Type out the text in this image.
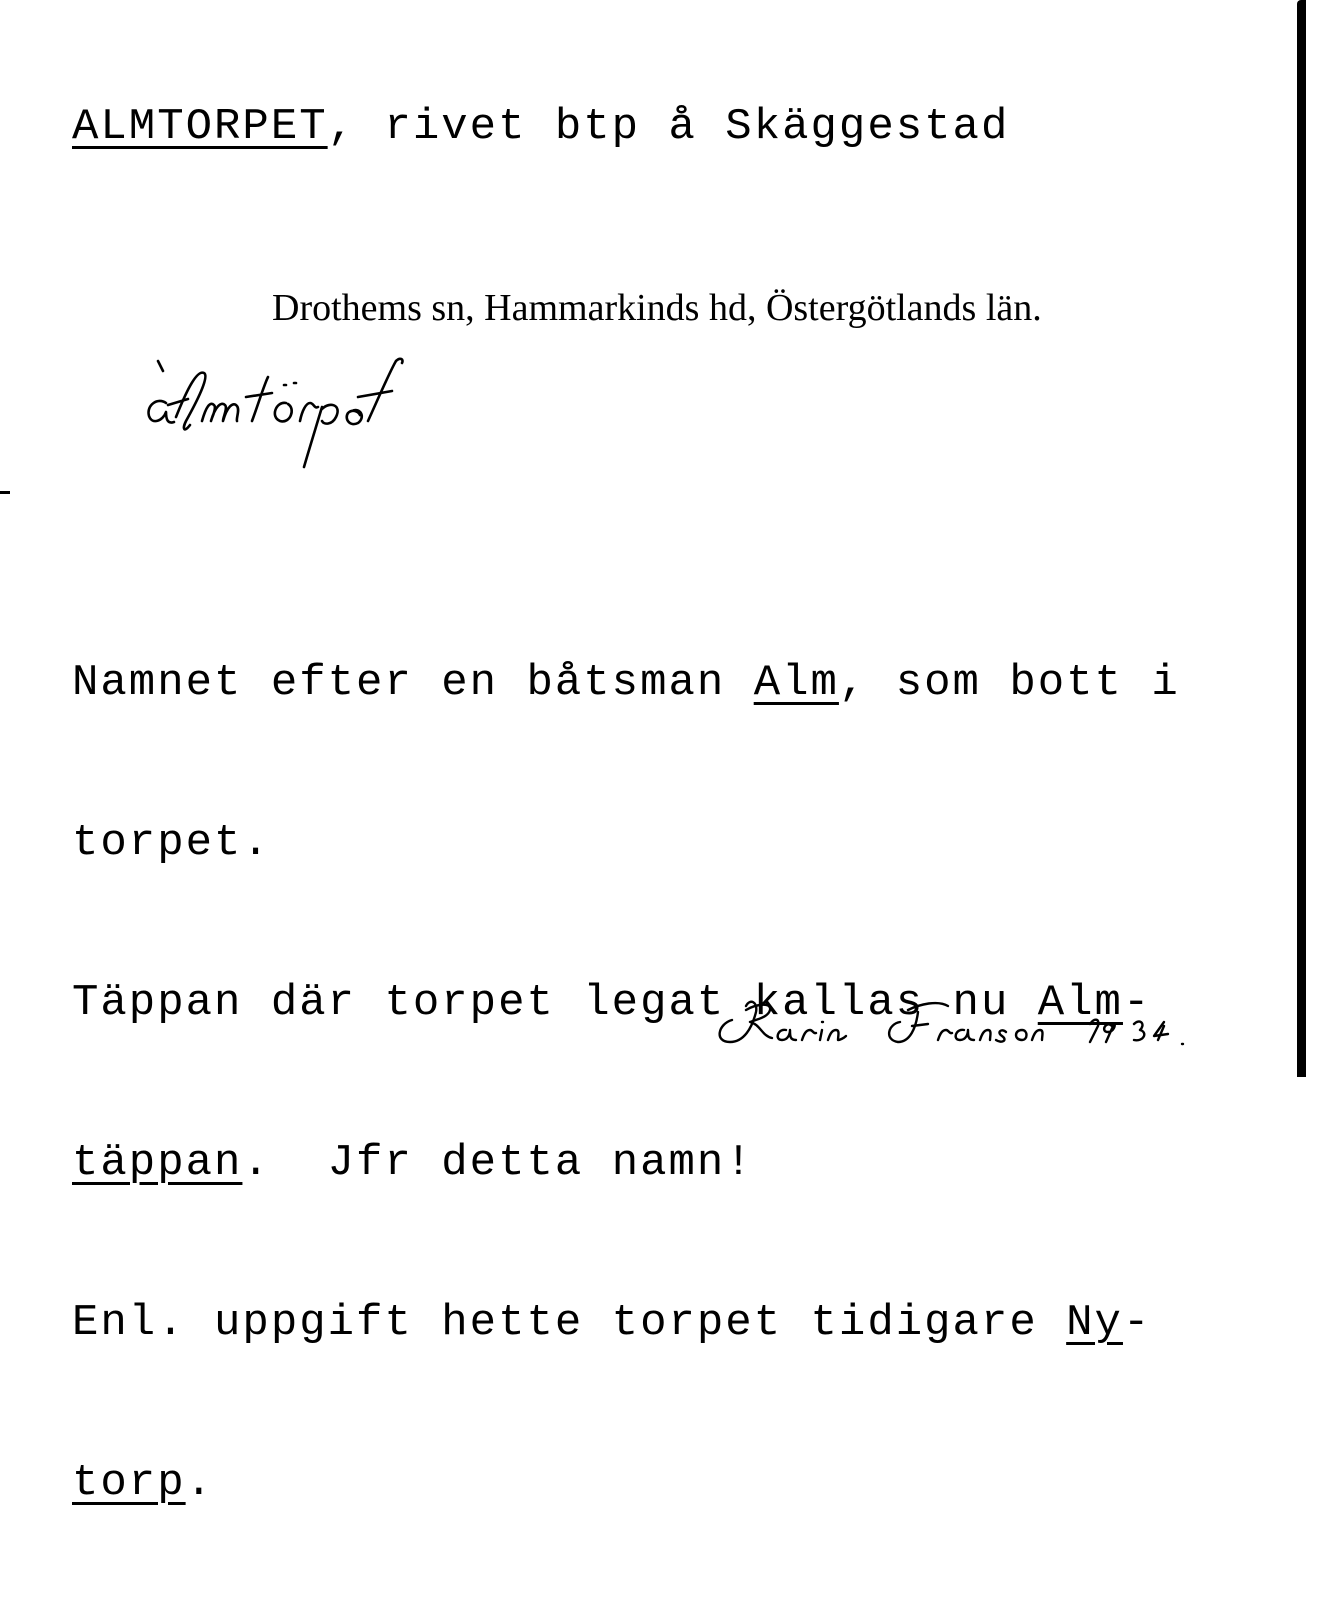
ALMTORPET, rivet btp å Skäggestad

Drothems sn, Hammarkinds hd, Östergötlands län.

åłmtörpət

Namnet efter en båtsman Alm, som bott i

torpet.

Täppan där torpet legat kallas nu Alm-

täppan.  Jfr detta namn!

Enl. uppgift hette torpet tidigare Ny-

torp.

Karin Franson 1934.
